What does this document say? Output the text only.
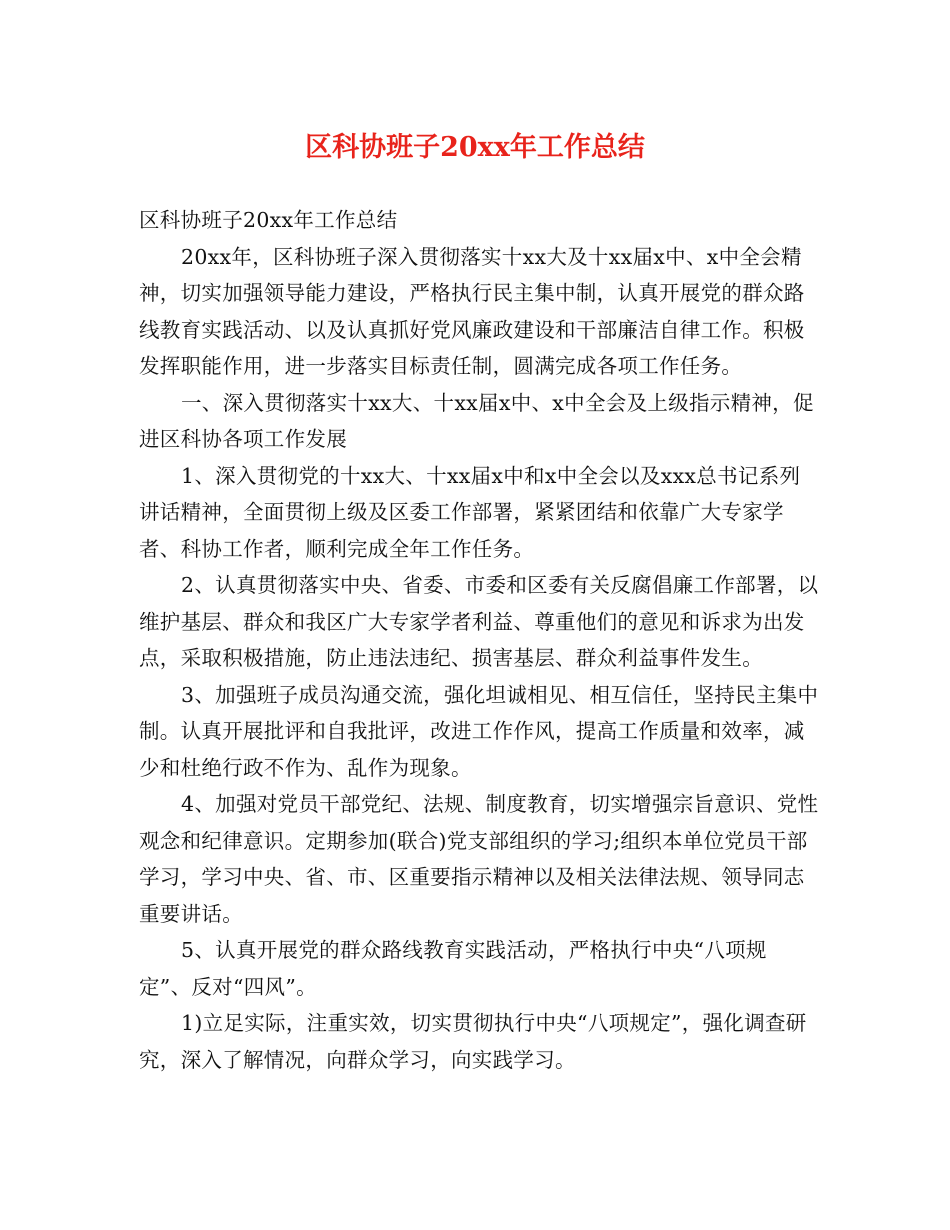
区科协班子20xx年工作总结

区科协班子20xx年工作总结

20xx年，区科协班子深入贯彻落实十xx大及十xx届x中、x中全会精神，切实加强领导能力建设，严格执行民主集中制，认真开展党的群众路线教育实践活动、以及认真抓好党风廉政建设和干部廉洁自律工作。积极发挥职能作用，进一步落实目标责任制，圆满完成各项工作任务。

一、深入贯彻落实十xx大、十xx届x中、x中全会及上级指示精神，促进区科协各项工作发展

1、深入贯彻党的十xx大、十xx届x中和x中全会以及xxx总书记系列讲话精神，全面贯彻上级及区委工作部署，紧紧团结和依靠广大专家学者、科协工作者，顺利完成全年工作任务。

2、认真贯彻落实中央、省委、市委和区委有关反腐倡廉工作部署，以维护基层、群众和我区广大专家学者利益、尊重他们的意见和诉求为出发点，采取积极措施，防止违法违纪、损害基层、群众利益事件发生。

3、加强班子成员沟通交流，强化坦诚相见、相互信任，坚持民主集中制。认真开展批评和自我批评，改进工作作风，提高工作质量和效率，减少和杜绝行政不作为、乱作为现象。

4、加强对党员干部党纪、法规、制度教育，切实增强宗旨意识、党性观念和纪律意识。定期参加(联合)党支部组织的学习;组织本单位党员干部学习，学习中央、省、市、区重要指示精神以及相关法律法规、领导同志重要讲话。

5、认真开展党的群众路线教育实践活动，严格执行中央“八项规定”、反对“四风”。

1)立足实际，注重实效，切实贯彻执行中央“八项规定”，强化调查研究，深入了解情况，向群众学习，向实践学习。
